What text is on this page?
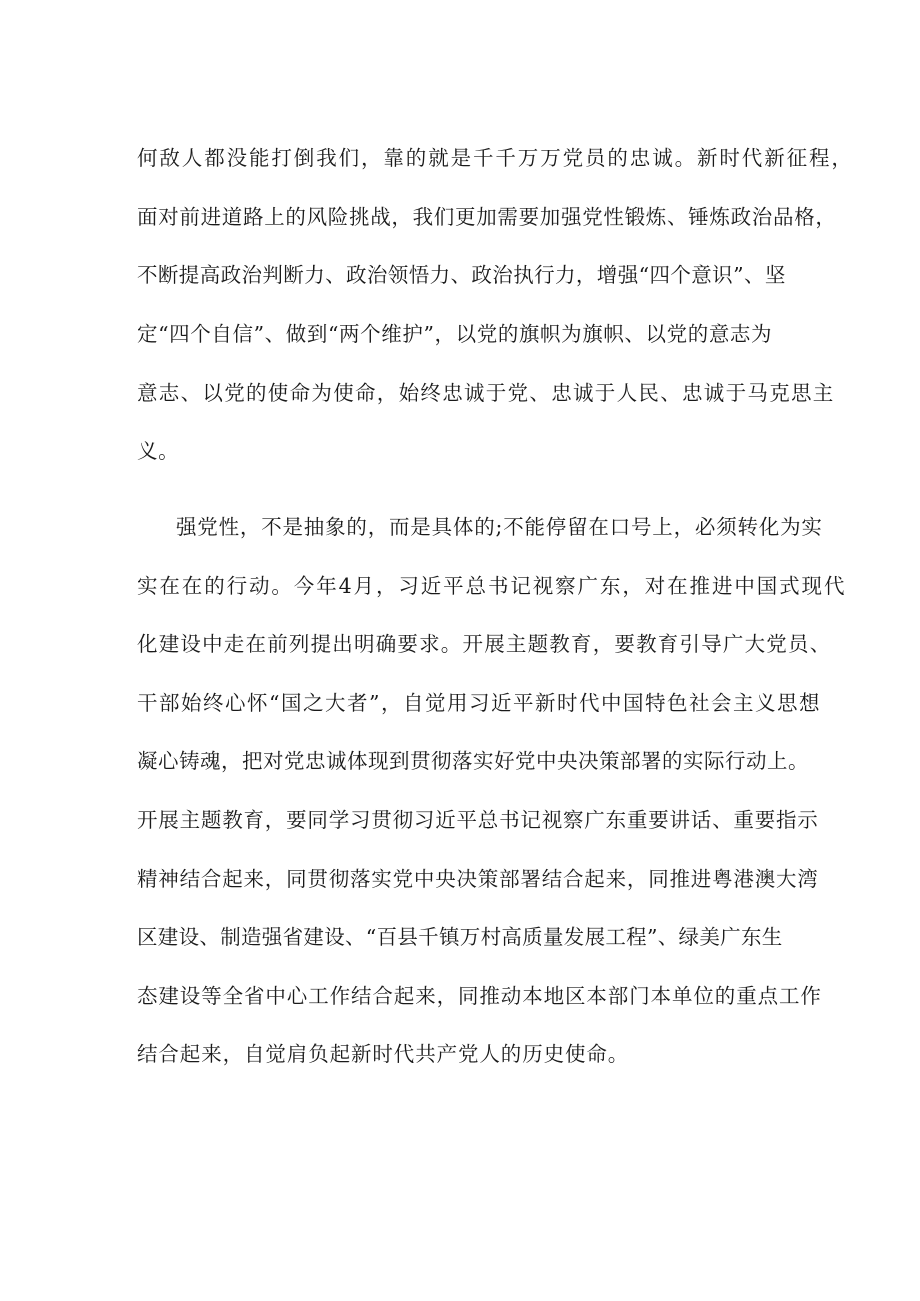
何敌人都没能打倒我们，靠的就是千千万万党员的忠诚。新时代新征程，
面对前进道路上的风险挑战，我们更加需要加强党性锻炼、锤炼政治品格，
不断提高政治判断力、政治领悟力、政治执行力，增强“四个意识”、坚
定“四个自信”、做到“两个维护”，以党的旗帜为旗帜、以党的意志为
意志、以党的使命为使命，始终忠诚于党、忠诚于人民、忠诚于马克思主
义。
强党性，不是抽象的，而是具体的;不能停留在口号上，必须转化为实
实在在的行动。今年4月，习近平总书记视察广东，对在推进中国式现代
化建设中走在前列提出明确要求。开展主题教育，要教育引导广大党员、
干部始终心怀“国之大者”，自觉用习近平新时代中国特色社会主义思想
凝心铸魂，把对党忠诚体现到贯彻落实好党中央决策部署的实际行动上。
开展主题教育，要同学习贯彻习近平总书记视察广东重要讲话、重要指示
精神结合起来，同贯彻落实党中央决策部署结合起来，同推进粤港澳大湾
区建设、制造强省建设、“百县千镇万村高质量发展工程”、绿美广东生
态建设等全省中心工作结合起来，同推动本地区本部门本单位的重点工作
结合起来，自觉肩负起新时代共产党人的历史使命。
